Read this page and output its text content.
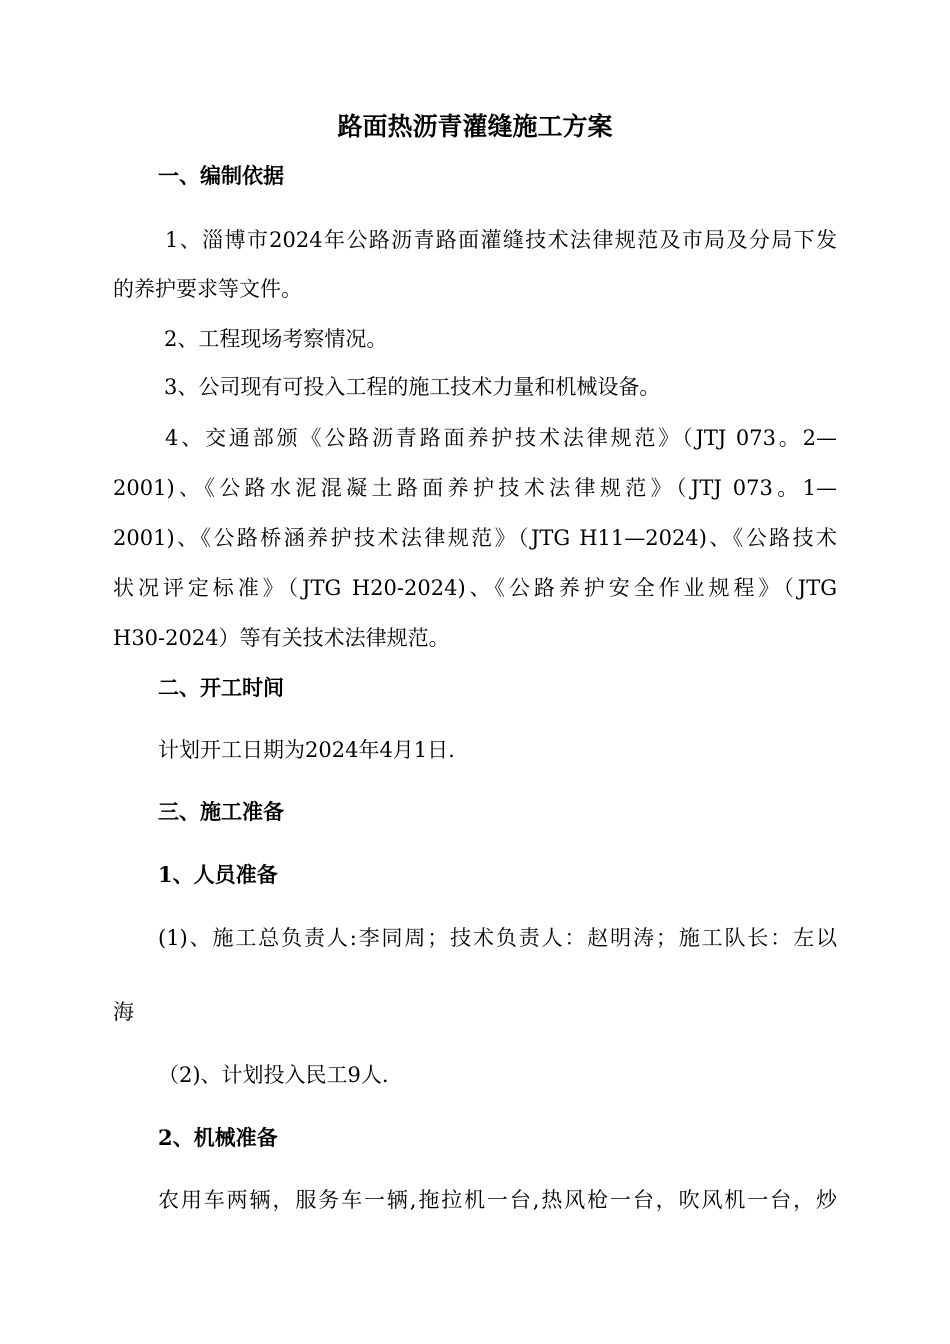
路面热沥青灌缝施工方案
一、编制依据
1、淄博市2024年公路沥青路面灌缝技术法律规范及市局及分局下发
的养护要求等文件。
2、工程现场考察情况。
3、公司现有可投入工程的施工技术力量和机械设备。
4、交通部颁《公路沥青路面养护技术法律规范》（JTJ 073。2—
2001)、《公路水泥混凝土路面养护技术法律规范》（JTJ 073。1—
2001)、《公路桥涵养护技术法律规范》（JTG H11—2024)、《公路技术
状况评定标准》（JTG H20-2024)、《公路养护安全作业规程》（JTG
H30-2024）等有关技术法律规范。
二、开工时间
计划开工日期为2024年4月1日.
三、施工准备
1、人员准备
(1)、施工总负责人:李同周；技术负责人：赵明涛；施工队长：左以
海
（2)、计划投入民工9人.
2、机械准备
农用车两辆，服务车一辆,拖拉机一台,热风枪一台，吹风机一台，炒
